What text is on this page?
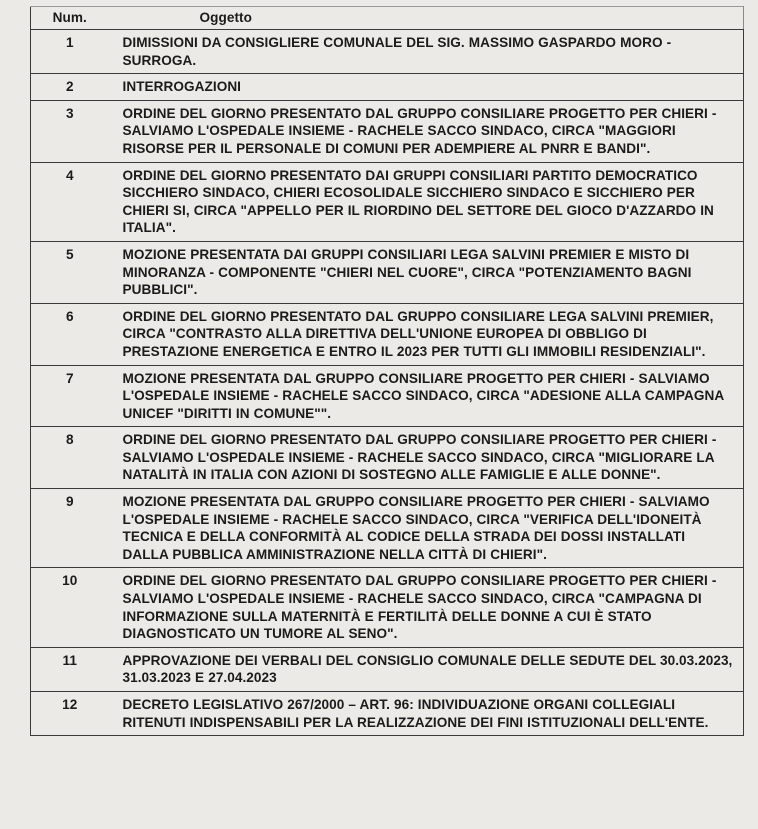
Num.	Oggetto
1	DIMISSIONI DA CONSIGLIERE COMUNALE DEL SIG. MASSIMO GASPARDO MORO - SURROGA.
2	INTERROGAZIONI
3	ORDINE DEL GIORNO PRESENTATO DAL GRUPPO CONSILIARE PROGETTO PER CHIERI - SALVIAMO L'OSPEDALE INSIEME - RACHELE SACCO SINDACO, CIRCA "MAGGIORI RISORSE PER IL PERSONALE DI COMUNI PER ADEMPIERE AL PNRR E BANDI".
4	ORDINE DEL GIORNO PRESENTATO DAI GRUPPI CONSILIARI PARTITO DEMOCRATICO SICCHIERO SINDACO, CHIERI ECOSOLIDALE SICCHIERO SINDACO E SICCHIERO PER CHIERI SI, CIRCA "APPELLO PER IL RIORDINO DEL SETTORE DEL GIOCO D'AZZARDO IN ITALIA".
5	MOZIONE PRESENTATA DAI GRUPPI CONSILIARI LEGA SALVINI PREMIER E MISTO DI MINORANZA - COMPONENTE "CHIERI NEL CUORE", CIRCA "POTENZIAMENTO BAGNI PUBBLICI".
6	ORDINE DEL GIORNO PRESENTATO DAL GRUPPO CONSILIARE LEGA SALVINI PREMIER, CIRCA "CONTRASTO ALLA DIRETTIVA DELL'UNIONE EUROPEA DI OBBLIGO DI PRESTAZIONE ENERGETICA E ENTRO IL 2023 PER TUTTI GLI IMMOBILI RESIDENZIALI".
7	MOZIONE PRESENTATA DAL GRUPPO CONSILIARE PROGETTO PER CHIERI - SALVIAMO L'OSPEDALE INSIEME - RACHELE SACCO SINDACO, CIRCA "ADESIONE ALLA CAMPAGNA UNICEF "DIRITTI IN COMUNE"".
8	ORDINE DEL GIORNO PRESENTATO DAL GRUPPO CONSILIARE PROGETTO PER CHIERI - SALVIAMO L'OSPEDALE INSIEME - RACHELE SACCO SINDACO, CIRCA "MIGLIORARE LA NATALITÀ IN ITALIA CON AZIONI DI SOSTEGNO ALLE FAMIGLIE E ALLE DONNE".
9	MOZIONE PRESENTATA DAL GRUPPO CONSILIARE PROGETTO PER CHIERI - SALVIAMO L'OSPEDALE INSIEME - RACHELE SACCO SINDACO, CIRCA "VERIFICA DELL'IDONEITÀ TECNICA E DELLA CONFORMITÀ AL CODICE DELLA STRADA DEI DOSSI INSTALLATI DALLA PUBBLICA AMMINISTRAZIONE NELLA CITTÀ DI CHIERI".
10	ORDINE DEL GIORNO PRESENTATO DAL GRUPPO CONSILIARE PROGETTO PER CHIERI - SALVIAMO L'OSPEDALE INSIEME - RACHELE SACCO SINDACO, CIRCA "CAMPAGNA DI INFORMAZIONE SULLA MATERNITÀ E FERTILITÀ DELLE DONNE A CUI È STATO DIAGNOSTICATO UN TUMORE AL SENO".
11	APPROVAZIONE DEI VERBALI DEL CONSIGLIO COMUNALE DELLE SEDUTE DEL 30.03.2023, 31.03.2023 E 27.04.2023
12	DECRETO LEGISLATIVO 267/2000 – ART. 96: INDIVIDUAZIONE ORGANI COLLEGIALI RITENUTI INDISPENSABILI PER LA REALIZZAZIONE DEI FINI ISTITUZIONALI DELL'ENTE.
